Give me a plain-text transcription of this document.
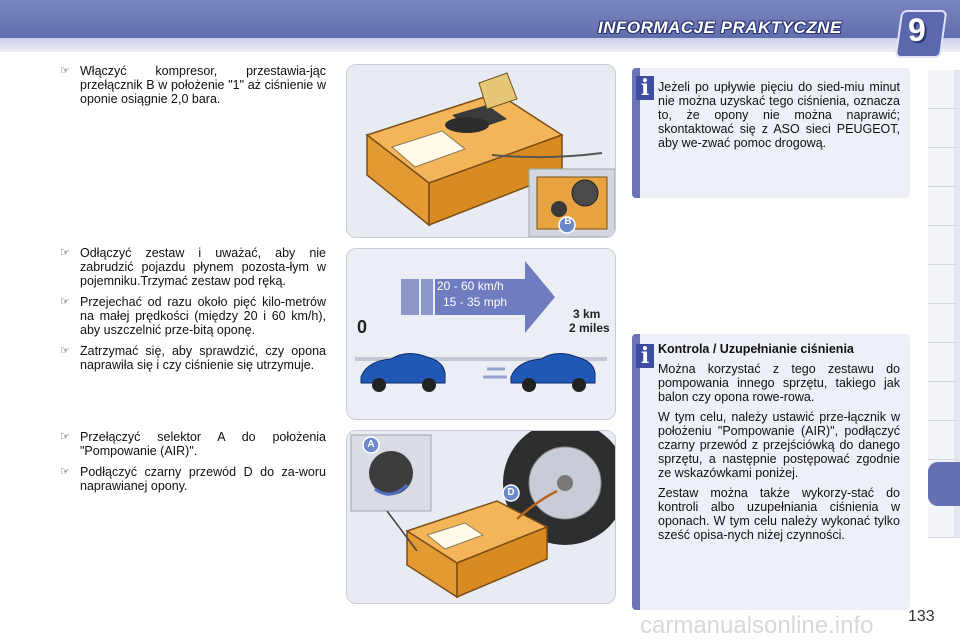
INFORMACJE PRAKTYCZNE 9

☞ Włączyć kompresor, przestawia-jąc przełącznik B w położenie "1" aż ciśnienie w oponie osiągnie 2,0 bara.

☞ Odłączyć zestaw i uważać, aby nie zabrudzić pojazdu płynem pozosta-łym w pojemniku.Trzymać zestaw pod ręką.

☞ Przejechać od razu około pięć kilo-metrów na małej prędkości (między 20 i 60 km/h), aby uszczelnić prze-bitą oponę.

☞ Zatrzymać się, aby sprawdzić, czy opona naprawiła się i czy ciśnienie się utrzymuje.

☞ Przełączyć selektor A do położenia "Pompowanie (AIR)".

☞ Podłączyć czarny przewód D do za-woru naprawianej opony.

B
20 - 60 km/h
15 - 35 mph
0
3 km
2 miles
A
D
i Jeżeli po upływie pięciu do sied-miu minut nie można uzyskać tego ciśnienia, oznacza to, że opony nie można naprawić; skontaktować się z ASO sieci PEUGEOT, aby we-zwać pomoc drogową.

i Kontrola / Uzupełnianie ciśnienia

Można korzystać z tego zestawu do pompowania innego sprzętu, takiego jak balon czy opona rowe-rowa.

W tym celu, należy ustawić prze-łącznik w położeniu "Pompowanie (AIR)", podłączyć czarny przewód z przejściówką do danego sprzętu, a następnie postępować zgodnie ze wskazówkami poniżej.

Zestaw można także wykorzy-stać do kontroli albo uzupełniania ciśnienia w oponach. W tym celu należy wykonać tylko sześć opisa-nych niżej czynności.

carmanualsonline.info 133
